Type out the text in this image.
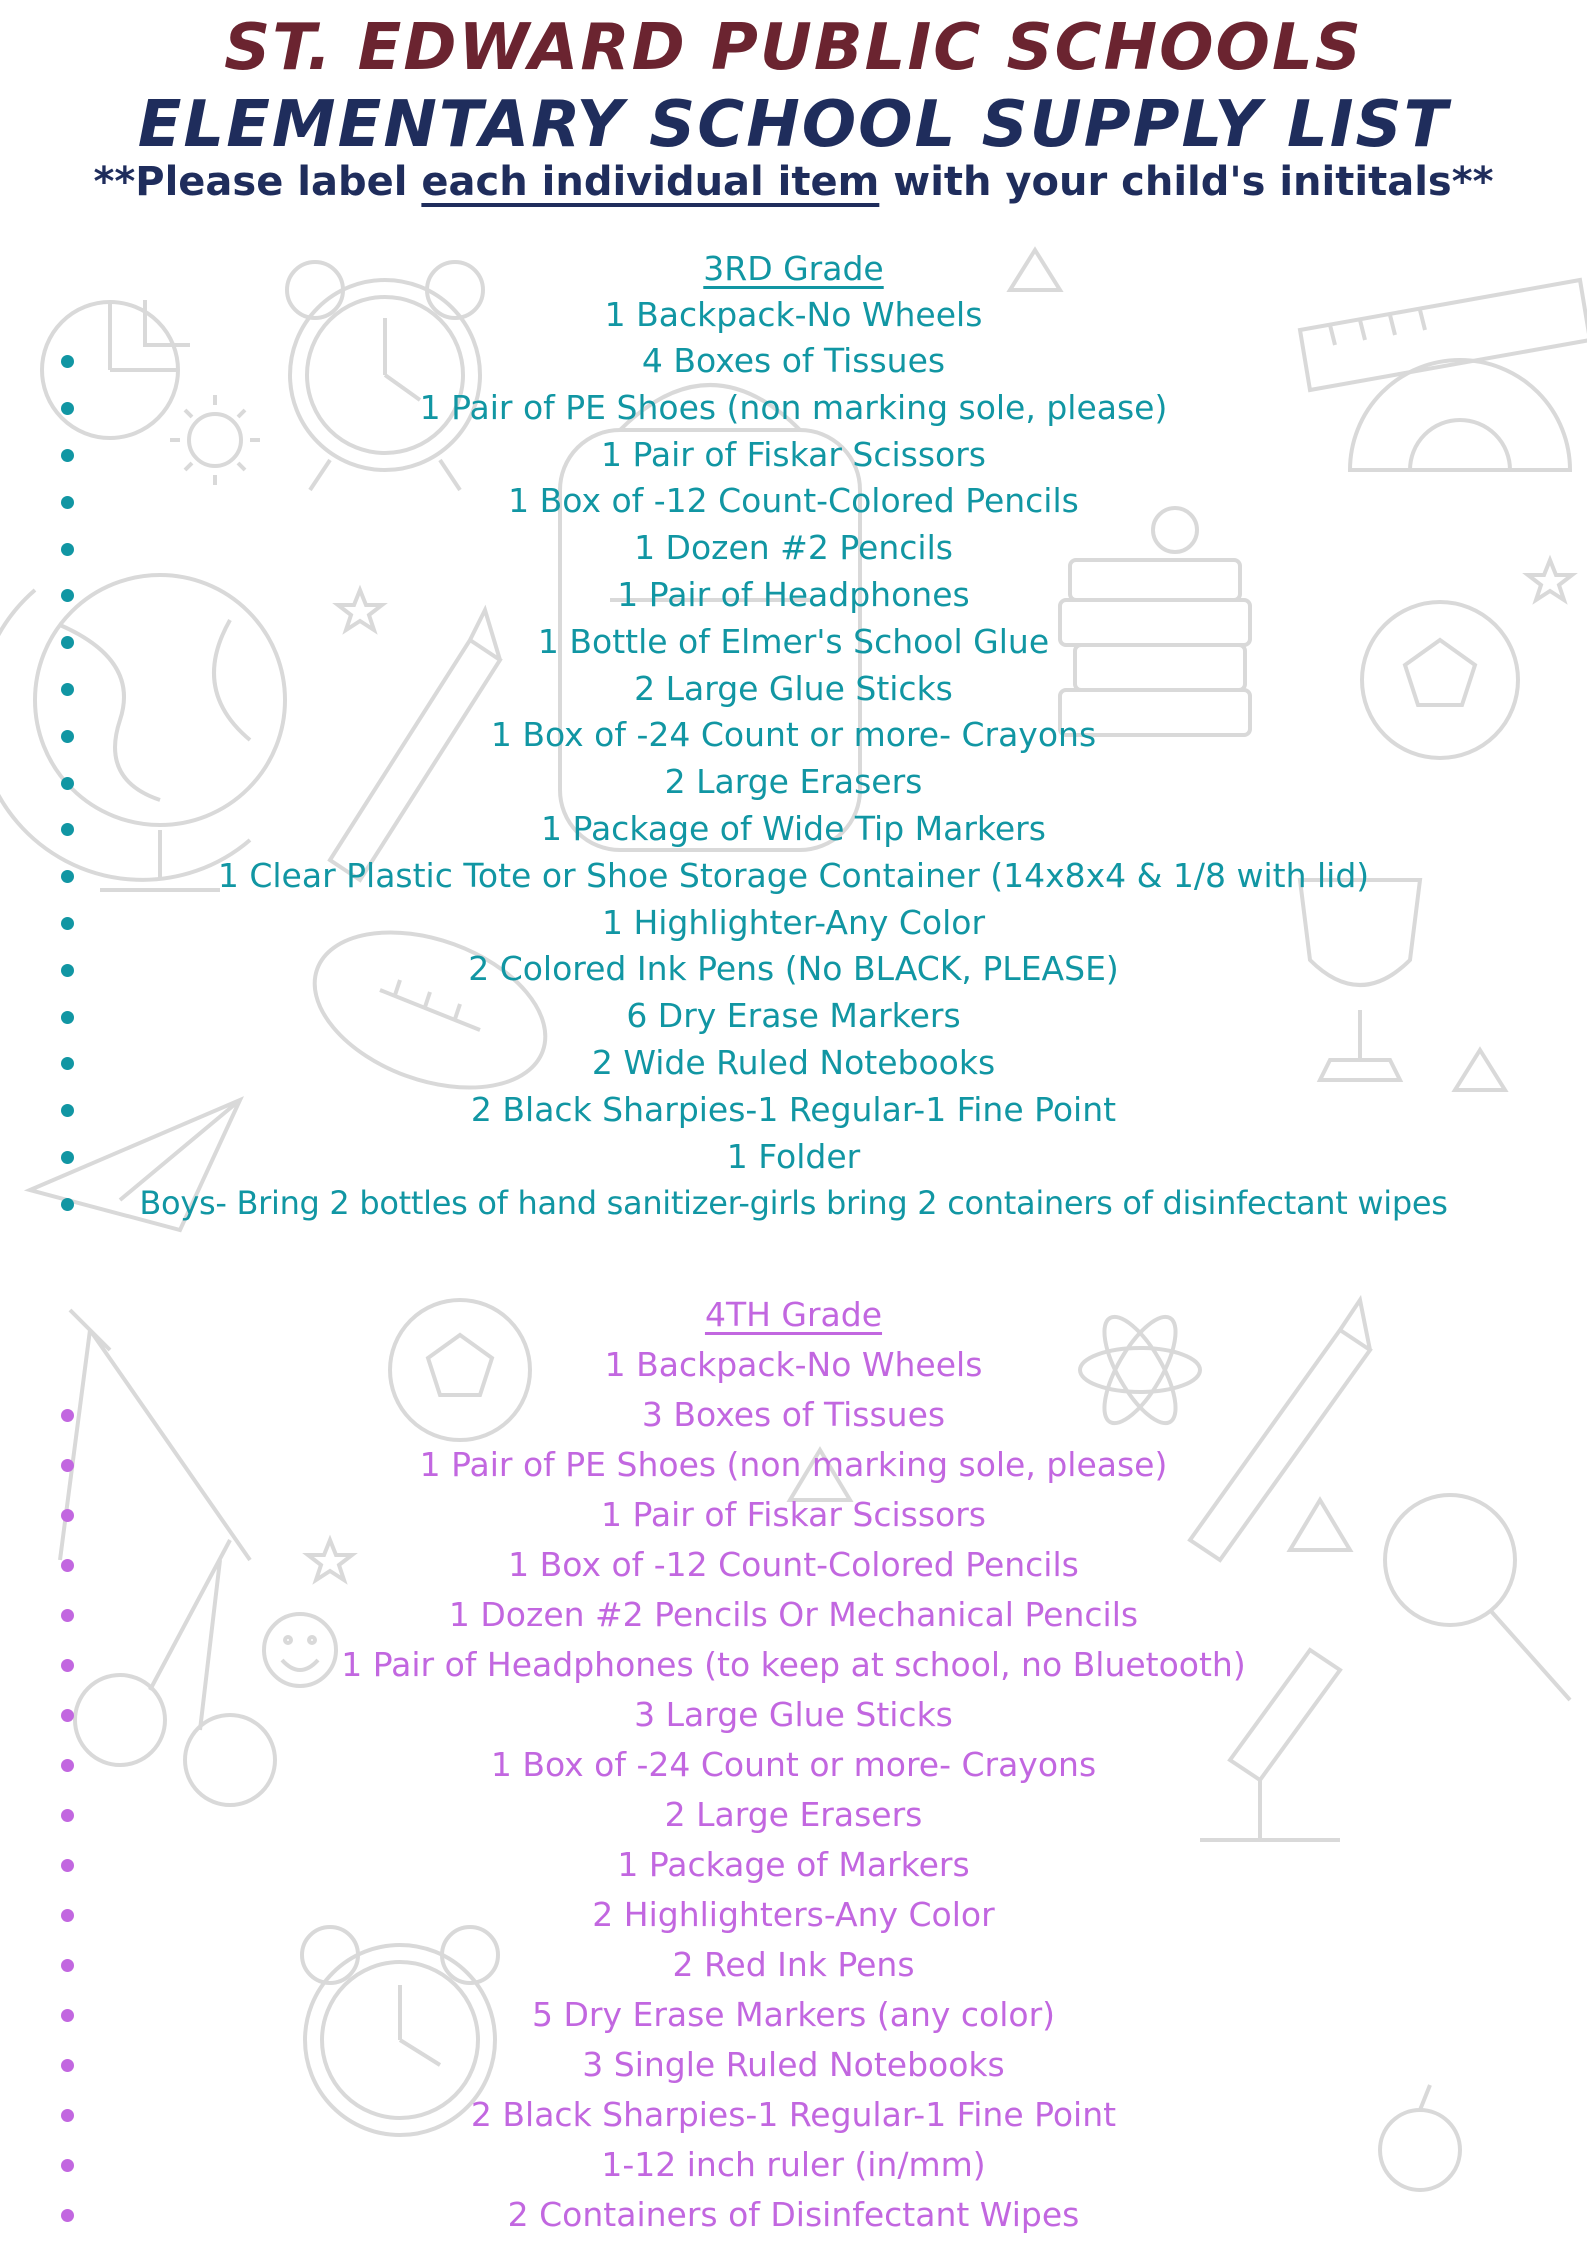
ST. EDWARD PUBLIC SCHOOLS
ELEMENTARY SCHOOL SUPPLY LIST
**Please label each individual item with your child's inititals**
3RD Grade
1 Backpack-No Wheels
4 Boxes of Tissues
1 Pair of PE Shoes (non marking sole, please)
1 Pair of Fiskar Scissors
1 Box of -12 Count-Colored Pencils
1 Dozen #2 Pencils
1 Pair of Headphones
1 Bottle of Elmer's School Glue
2 Large Glue Sticks
1 Box of -24 Count or more- Crayons
2 Large Erasers
1 Package of Wide Tip Markers
1 Clear Plastic Tote or Shoe Storage Container (14x8x4 & 1/8 with lid)
1 Highlighter-Any Color
2 Colored Ink Pens (No BLACK, PLEASE)
6 Dry Erase Markers
2 Wide Ruled Notebooks
2 Black Sharpies-1 Regular-1 Fine Point
1 Folder
Boys- Bring 2 bottles of hand sanitizer-girls bring 2 containers of disinfectant wipes
4TH Grade
1 Backpack-No Wheels
3 Boxes of Tissues
1 Pair of PE Shoes (non marking sole, please)
1 Pair of Fiskar Scissors
1 Box of -12 Count-Colored Pencils
1 Dozen #2 Pencils Or Mechanical Pencils
1 Pair of Headphones (to keep at school, no Bluetooth)
3 Large Glue Sticks
1 Box of -24 Count or more- Crayons
2 Large Erasers
1 Package of Markers
2 Highlighters-Any Color
2 Red Ink Pens
5 Dry Erase Markers (any color)
3 Single Ruled Notebooks
2 Black Sharpies-1 Regular-1 Fine Point
1-12 inch ruler (in/mm)
2 Containers of Disinfectant Wipes
